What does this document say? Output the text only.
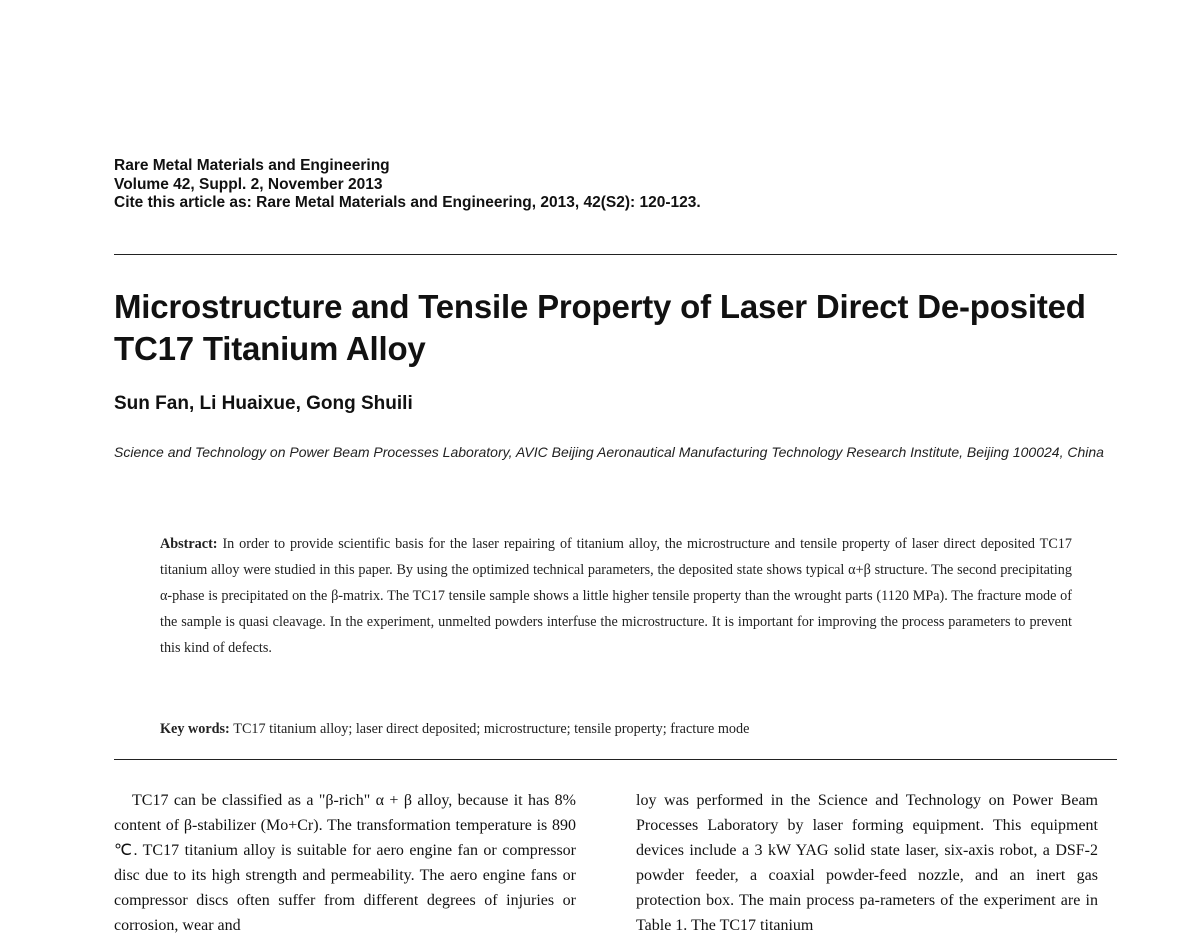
Rare Metal Materials and Engineering
Volume 42, Suppl. 2, November 2013
Cite this article as: Rare Metal Materials and Engineering, 2013, 42(S2): 120-123.
Microstructure and Tensile Property of Laser Direct De-posited TC17 Titanium Alloy
Sun Fan, Li Huaixue, Gong Shuili
Science and Technology on Power Beam Processes Laboratory, AVIC Beijing Aeronautical Manufacturing Technology Research Institute, Beijing 100024, China
Abstract: In order to provide scientific basis for the laser repairing of titanium alloy, the microstructure and tensile property of laser direct deposited TC17 titanium alloy were studied in this paper. By using the optimized technical parameters, the deposited state shows typical α+β structure. The second precipitating α-phase is precipitated on the β-matrix. The TC17 tensile sample shows a little higher tensile property than the wrought parts (1120 MPa). The fracture mode of the sample is quasi cleavage. In the experiment, unmelted powders interfuse the microstructure. It is important for improving the process parameters to prevent this kind of defects.
Key words: TC17 titanium alloy; laser direct deposited; microstructure; tensile property; fracture mode
TC17 can be classified as a "β-rich" α + β alloy, because it has 8% content of β-stabilizer (Mo+Cr). The transformation temperature is 890 ℃. TC17 titanium alloy is suitable for aero engine fan or compressor disc due to its high strength and permeability. The aero engine fans or compressor discs often suffer from different degrees of injuries or corrosion, wear and
loy was performed in the Science and Technology on Power Beam Processes Laboratory by laser forming equipment. This equipment devices include a 3 kW YAG solid state laser, six-axis robot, a DSF-2 powder feeder, a coaxial powder-feed nozzle, and an inert gas protection box. The main process pa-rameters of the experiment are in Table 1. The TC17 titanium
